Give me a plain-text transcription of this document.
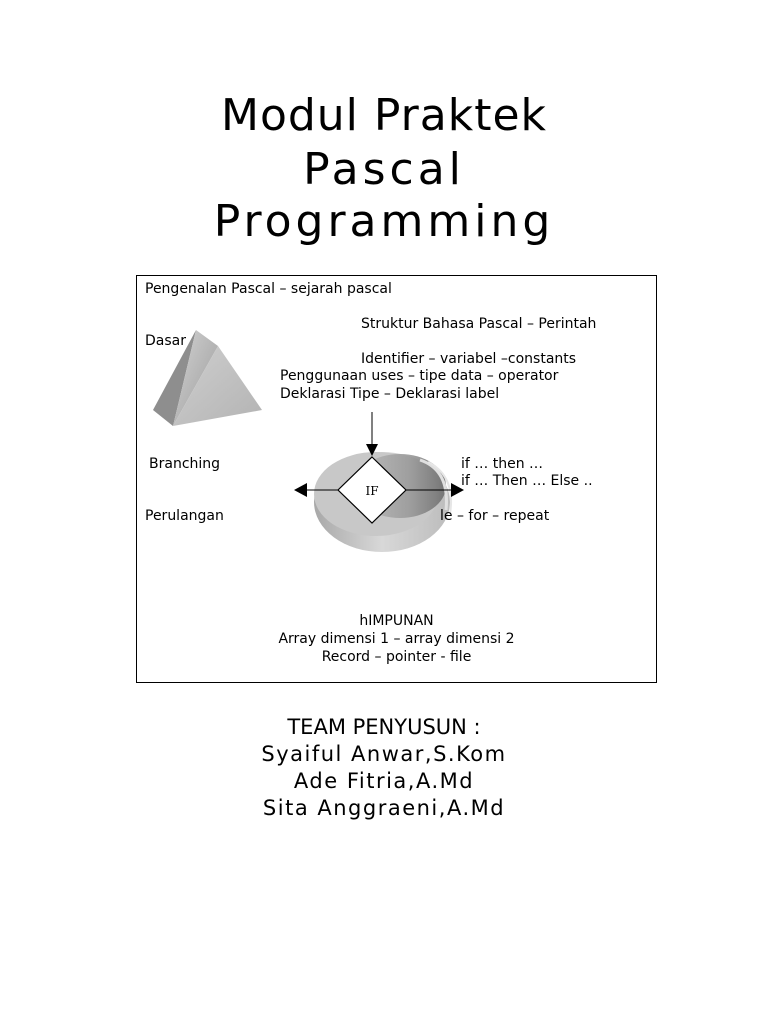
Modul Praktek
Pascal
Programming
IF
Pengenalan Pascal – sejarah pascal
Struktur Bahasa Pascal – Perintah
Dasar
Identifier – variabel –constants
Penggunaan uses – tipe data – operator
Deklarasi Tipe – Deklarasi label
Branching	if … then …
if … Then … Else ..
Perulangan	le – for – repeat
hIMPUNAN
Array dimensi 1 – array dimensi 2
Record – pointer - file
TEAM PENYUSUN :
Syaiful Anwar,S.Kom
Ade Fitria,A.Md
Sita Anggraeni,A.Md
